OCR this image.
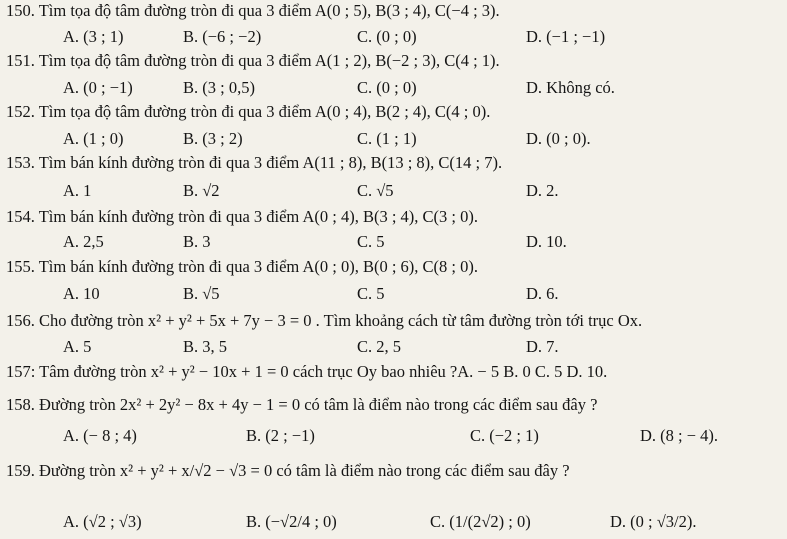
150. Tìm tọa độ tâm đường tròn đi qua 3 điểm A(0 ; 5), B(3 ; 4), C(−4 ; 3).
A. (3 ; 1)	B. (−6 ; −2)	C. (0 ; 0)	D. (−1 ; −1)
151. Tìm tọa độ tâm đường tròn đi qua 3 điểm A(1 ; 2), B(−2 ; 3), C(4 ; 1).
A. (0 ; −1)	B. (3 ; 0,5)	C. (0 ; 0)	D. Không có.
152. Tìm tọa độ tâm đường tròn đi qua 3 điểm A(0 ; 4), B(2 ; 4), C(4 ; 0).
A. (1 ; 0)	B. (3 ; 2)	C. (1 ; 1)	D. (0 ; 0).
153. Tìm bán kính đường tròn đi qua 3 điểm A(11 ; 8), B(13 ; 8), C(14 ; 7).
A. 1	B. √2	C. √5	D. 2.
154. Tìm bán kính đường tròn đi qua 3 điểm A(0 ; 4), B(3 ; 4), C(3 ; 0).
A. 2,5	B. 3	C. 5	D. 10.
155. Tìm bán kính đường tròn đi qua 3 điểm A(0 ; 0), B(0 ; 6), C(8 ; 0).
A. 10	B. √5	C. 5	D. 6.
156. Cho đường tròn x² + y² + 5x + 7y − 3 = 0 . Tìm khoảng cách từ tâm đường tròn tới trục Ox.
A. 5	B. 3, 5	C. 2, 5	D. 7.
157: Tâm đường tròn x² + y² − 10x + 1 = 0 cách trục Oy bao nhiêu ?A. − 5 B. 0 C. 5 D. 10.
158. Đường tròn 2x² + 2y² − 8x + 4y − 1 = 0 có tâm là điểm nào trong các điểm sau đây ?
A. (− 8 ; 4)	B. (2 ; −1)	C. (−2 ; 1)	D. (8 ; − 4).
159. Đường tròn x² + y² + x/√2 − √3 = 0 có tâm là điểm nào trong các điểm sau đây ?
A. (√2 ; √3)	B. (−√2/4 ; 0)	C. (1/(2√2) ; 0)	D. (0 ; √3/2).
